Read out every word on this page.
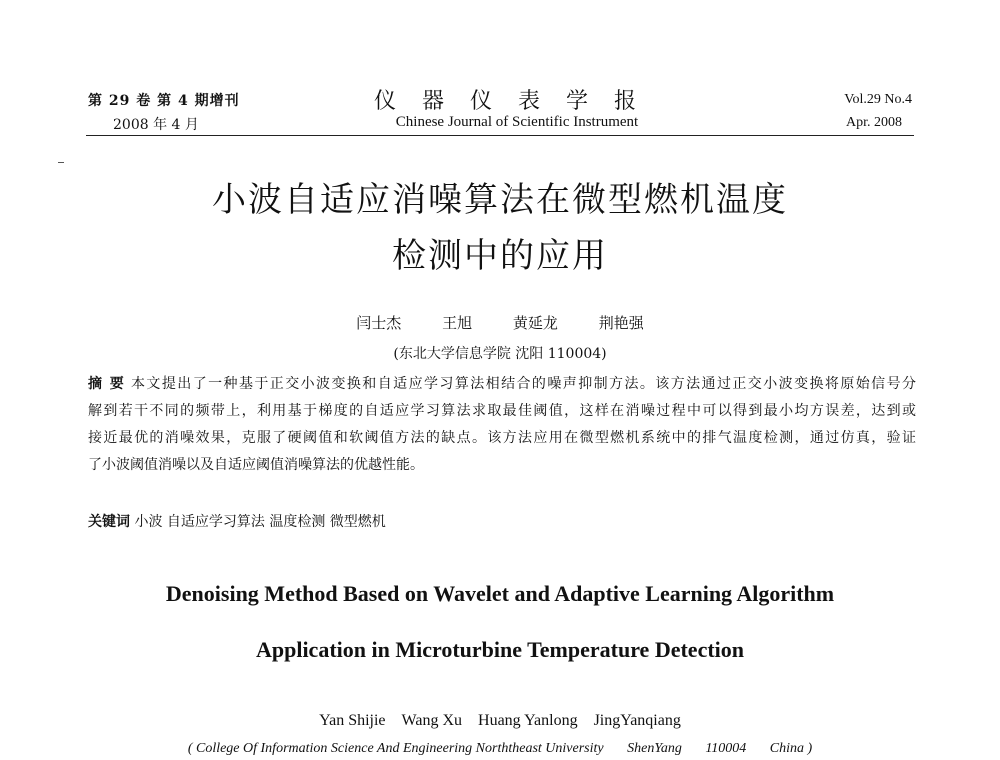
第 29 卷 第 4 期增刊
2008 年 4 月
仪器仪表学报
Chinese Journal of Scientific Instrument
Vol.29 No.4
Apr. 2008
小波自适应消噪算法在微型燃机温度
检测中的应用
闫士杰	王旭	黄延龙	荆艳强
(东北大学信息学院 沈阳 110004)
摘 要 本文提出了一种基于正交小波变换和自适应学习算法相结合的噪声抑制方法。该方法通过正交小波变换将原始信号分
解到若干不同的频带上，利用基于梯度的自适应学习算法求取最佳阈值，这样在消噪过程中可以得到最小均方误差，达到或
接近最优的消噪效果，克服了硬阈值和软阈值方法的缺点。该方法应用在微型燃机系统中的排气温度检测，通过仿真，验证
了小波阈值消噪以及自适应阈值消噪算法的优越性能。
关键词 小波 自适应学习算法 温度检测 微型燃机
Denoising Method Based on Wavelet and Adaptive Learning Algorithm
Application in Microturbine Temperature Detection
Yan Shijie Wang Xu Huang Yanlong JingYanqiang
( College Of Information Science And Engineering Norththeast University ShenYang 110004 China )
